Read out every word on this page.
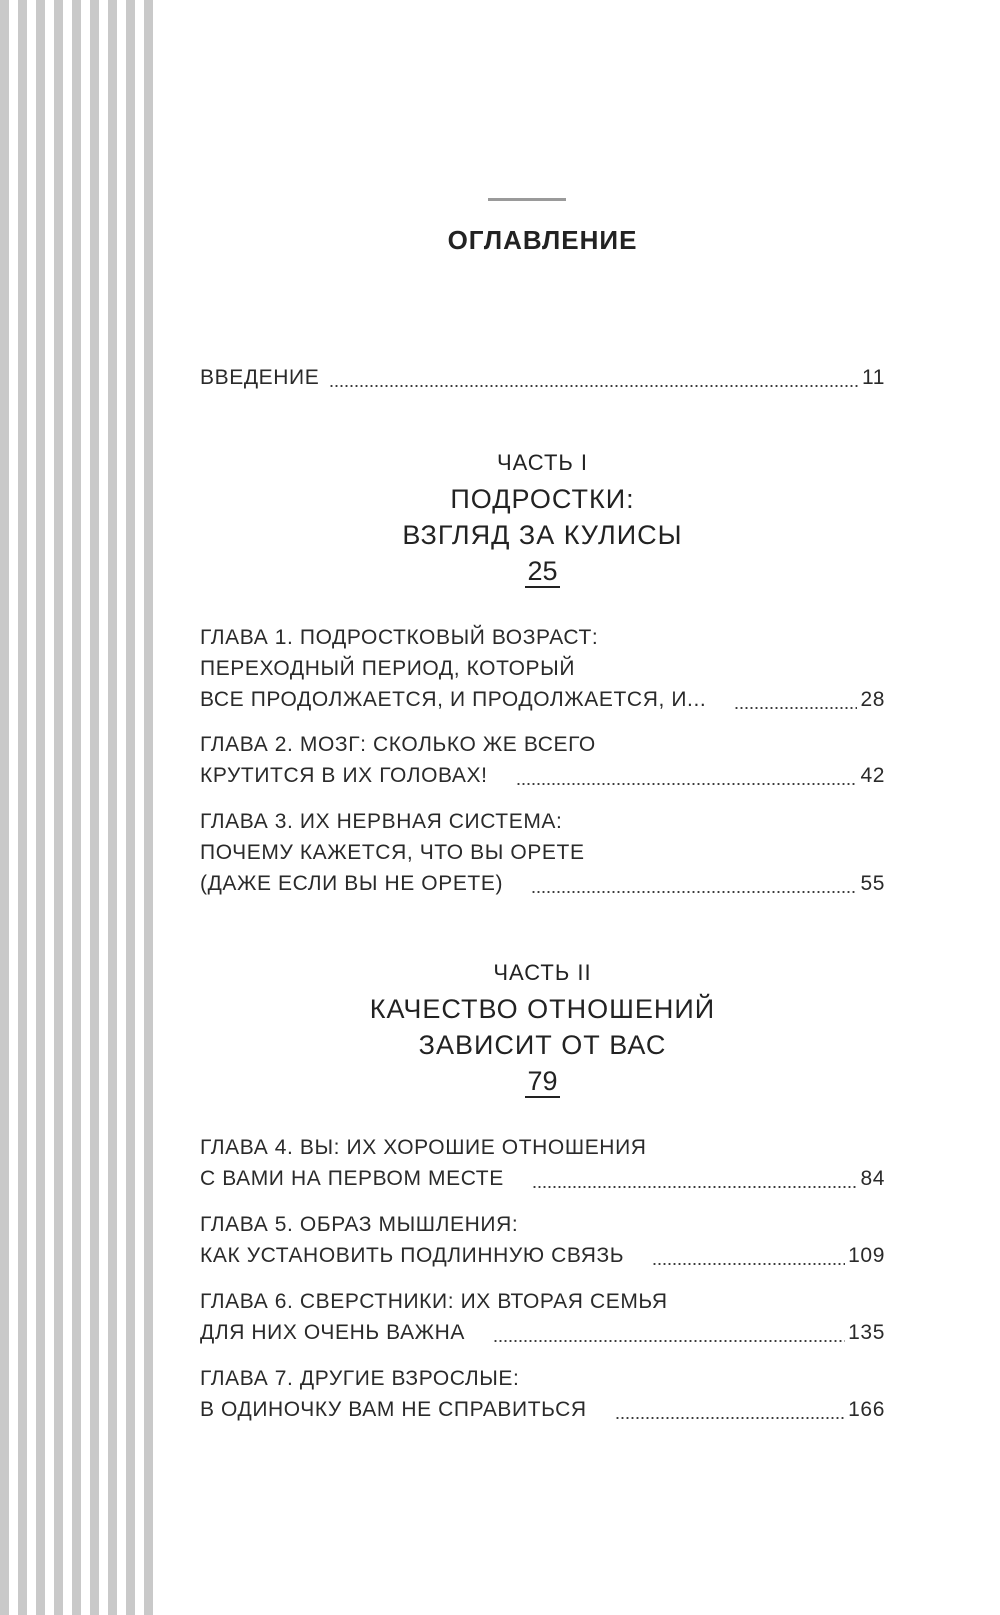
ОГЛАВЛЕНИЕ
ВВЕДЕНИЕ	11
ЧАСТЬ I
ПОДРОСТКИ:
ВЗГЛЯД ЗА КУЛИСЫ
25
ГЛАВА 1. ПОДРОСТКОВЫЙ ВОЗРАСТ:
ПЕРЕХОДНЫЙ ПЕРИОД, КОТОРЫЙ
ВСЕ ПРОДОЛЖАЕТСЯ, И ПРОДОЛЖАЕТСЯ, И...	28
ГЛАВА 2. МОЗГ: СКОЛЬКО ЖЕ ВСЕГО
КРУТИТСЯ В ИХ ГОЛОВАХ!	42
ГЛАВА 3. ИХ НЕРВНАЯ СИСТЕМА:
ПОЧЕМУ КАЖЕТСЯ, ЧТО ВЫ ОРЕТЕ
(ДАЖЕ ЕСЛИ ВЫ НЕ ОРЕТЕ)	55
ЧАСТЬ II
КАЧЕСТВО ОТНОШЕНИЙ
ЗАВИСИТ ОТ ВАС
79
ГЛАВА 4. ВЫ: ИХ ХОРОШИЕ ОТНОШЕНИЯ
С ВАМИ НА ПЕРВОМ МЕСТЕ	84
ГЛАВА 5. ОБРАЗ МЫШЛЕНИЯ:
КАК УСТАНОВИТЬ ПОДЛИННУЮ СВЯЗЬ	109
ГЛАВА 6. СВЕРСТНИКИ: ИХ ВТОРАЯ СЕМЬЯ
ДЛЯ НИХ ОЧЕНЬ ВАЖНА	135
ГЛАВА 7. ДРУГИЕ ВЗРОСЛЫЕ:
В ОДИНОЧКУ ВАМ НЕ СПРАВИТЬСЯ	166
